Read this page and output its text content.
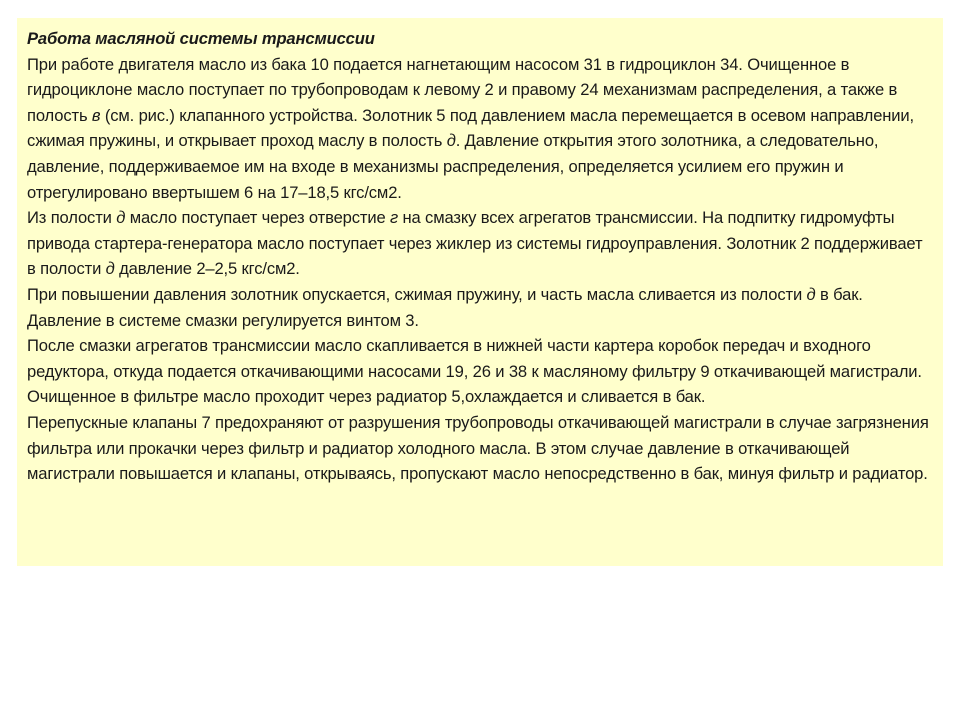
Работа масляной системы трансмиссии
При работе двигателя масло из бака 10 подается нагнетающим насосом 31 в гидроциклон 34. Очищенное в гидроциклоне масло поступает по трубопроводам к левому 2 и правому 24 механизмам распределения, а также в полость в (см. рис.) клапанного устройства. Золотник 5 под давлением масла перемещается в осевом направлении, сжимая пружины, и открывает проход маслу в полость д. Давление открытия этого золотника, а следовательно, давление, поддерживаемое им на входе в механизмы распределения, определяется усилием его пружин и отрегулировано ввертышем 6 на 17–18,5 кгс/см2.
Из полости д масло поступает через отверстие г на смазку всех агрегатов трансмиссии. На подпитку гидромуфты привода стартера-генератора масло поступает через жиклер из системы гидроуправления. Золотник 2 поддерживает в полости д давление 2–2,5 кгс/см2.
При повышении давления золотник опускается, сжимая пружину, и часть масла сливается из полости д в бак. Давление в системе смазки регулируется винтом 3.
После смазки агрегатов трансмиссии масло скапливается в нижней части картера коробок передач и входного редуктора, откуда подается откачивающими насосами 19, 26 и 38 к масляному фильтру 9 откачивающей магистрали. Очищенное в фильтре масло проходит через радиатор 5,охлаждается и сливается в бак.
Перепускные клапаны 7 предохраняют от разрушения трубопроводы откачивающей магистрали в случае загрязнения фильтра или прокачки через фильтр и радиатор холодного масла. В этом случае давление в откачивающей магистрали повышается и клапаны, открываясь, пропускают масло непосредственно в бак, минуя фильтр и радиатор.
